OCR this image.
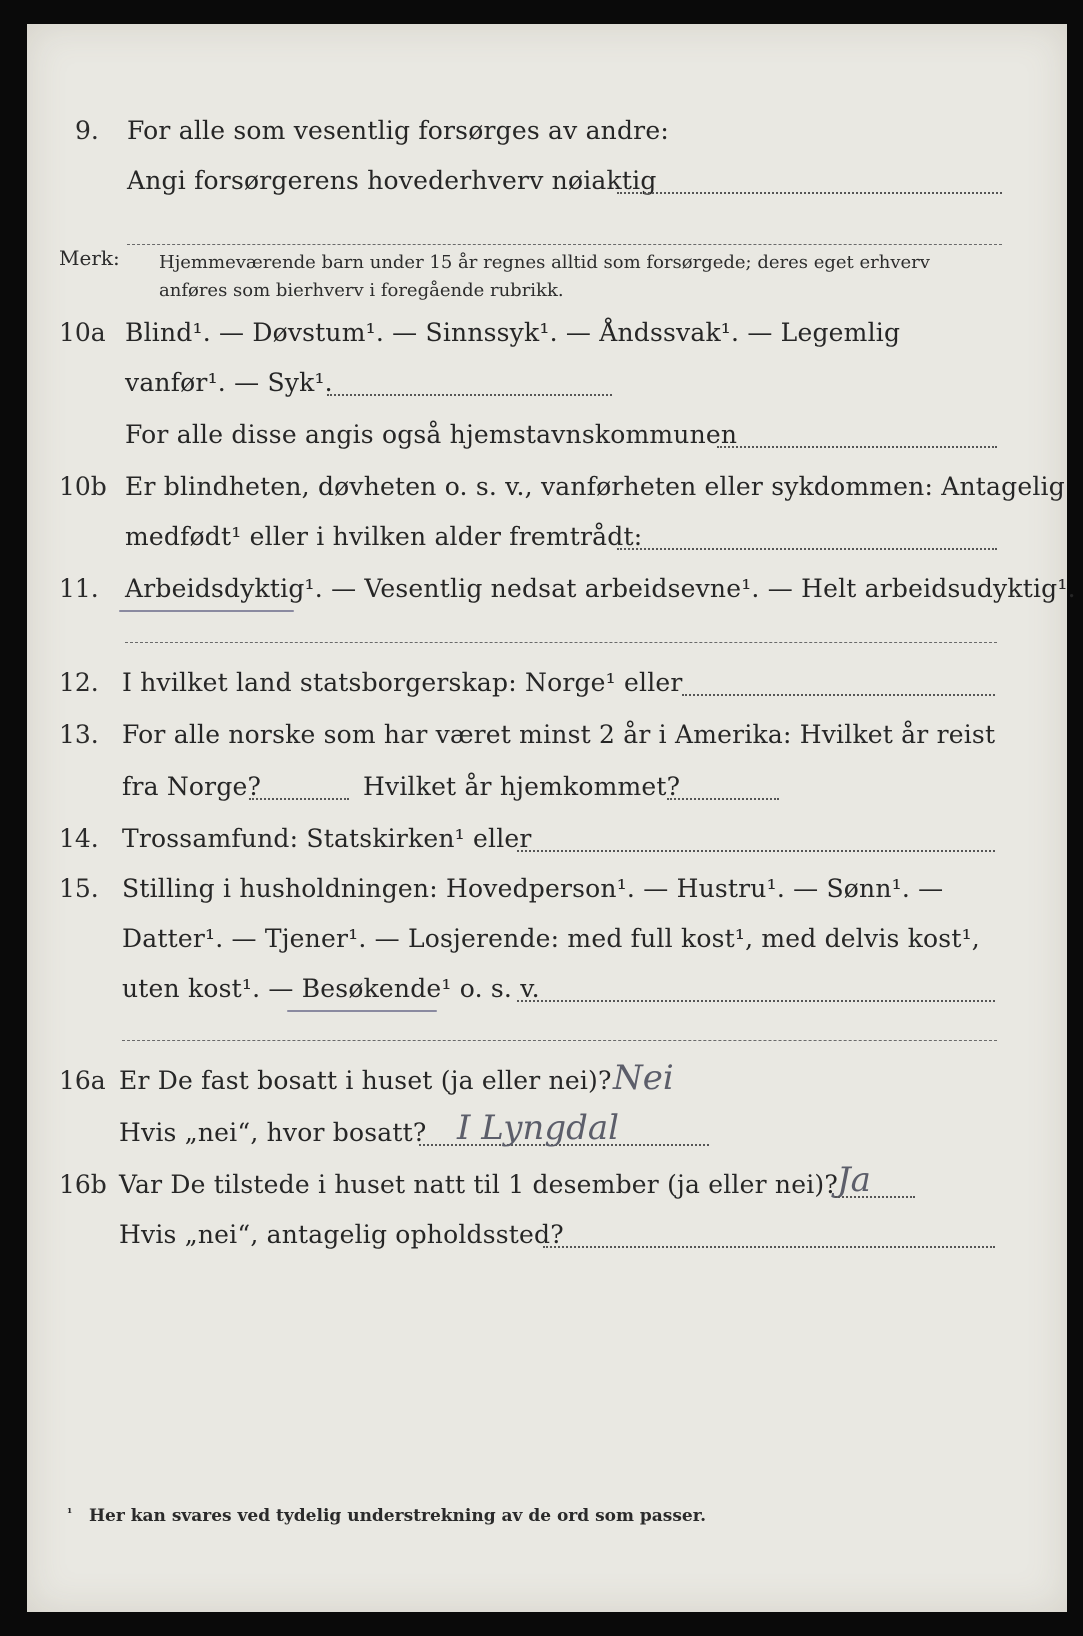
9. For alle som vesentlig forsørges av andre:
Angi forsørgerens hovederhverv nøiaktig
Merk: Hjemmeværende barn under 15 år regnes alltid som forsørgede; deres eget erhverv
anføres som bierhverv i foregående rubrikk.
10a Blind¹. — Døvstum¹. — Sinnssyk¹. — Åndssvak¹. — Legemlig
vanfør¹. — Syk¹.
For alle disse angis også hjemstavnskommunen
10b Er blindheten, døvheten o. s. v., vanførheten eller sykdommen: Antagelig
medfødt¹ eller i hvilken alder fremtrådt:
11. Arbeidsdyktig¹. — Vesentlig nedsat arbeidsevne¹. — Helt arbeidsudyktig¹.
12. I hvilket land statsborgerskap: Norge¹ eller
13. For alle norske som har været minst 2 år i Amerika: Hvilket år reist
fra Norge?	Hvilket år hjemkommet?
14. Trossamfund: Statskirken¹ eller
15. Stilling i husholdningen: Hovedperson¹. — Hustru¹. — Sønn¹. —
Datter¹. — Tjener¹. — Losjerende: med full kost¹, med delvis kost¹,
uten kost¹. — Besøkende¹ o. s. v.
16a Er De fast bosatt i huset (ja eller nei)? Nei
Hvis „nei“, hvor bosatt? I Lyngdal
16b Var De tilstede i huset natt til 1 desember (ja eller nei)? Ja
Hvis „nei“, antagelig opholdssted?
¹ Her kan svares ved tydelig understrekning av de ord som passer.
